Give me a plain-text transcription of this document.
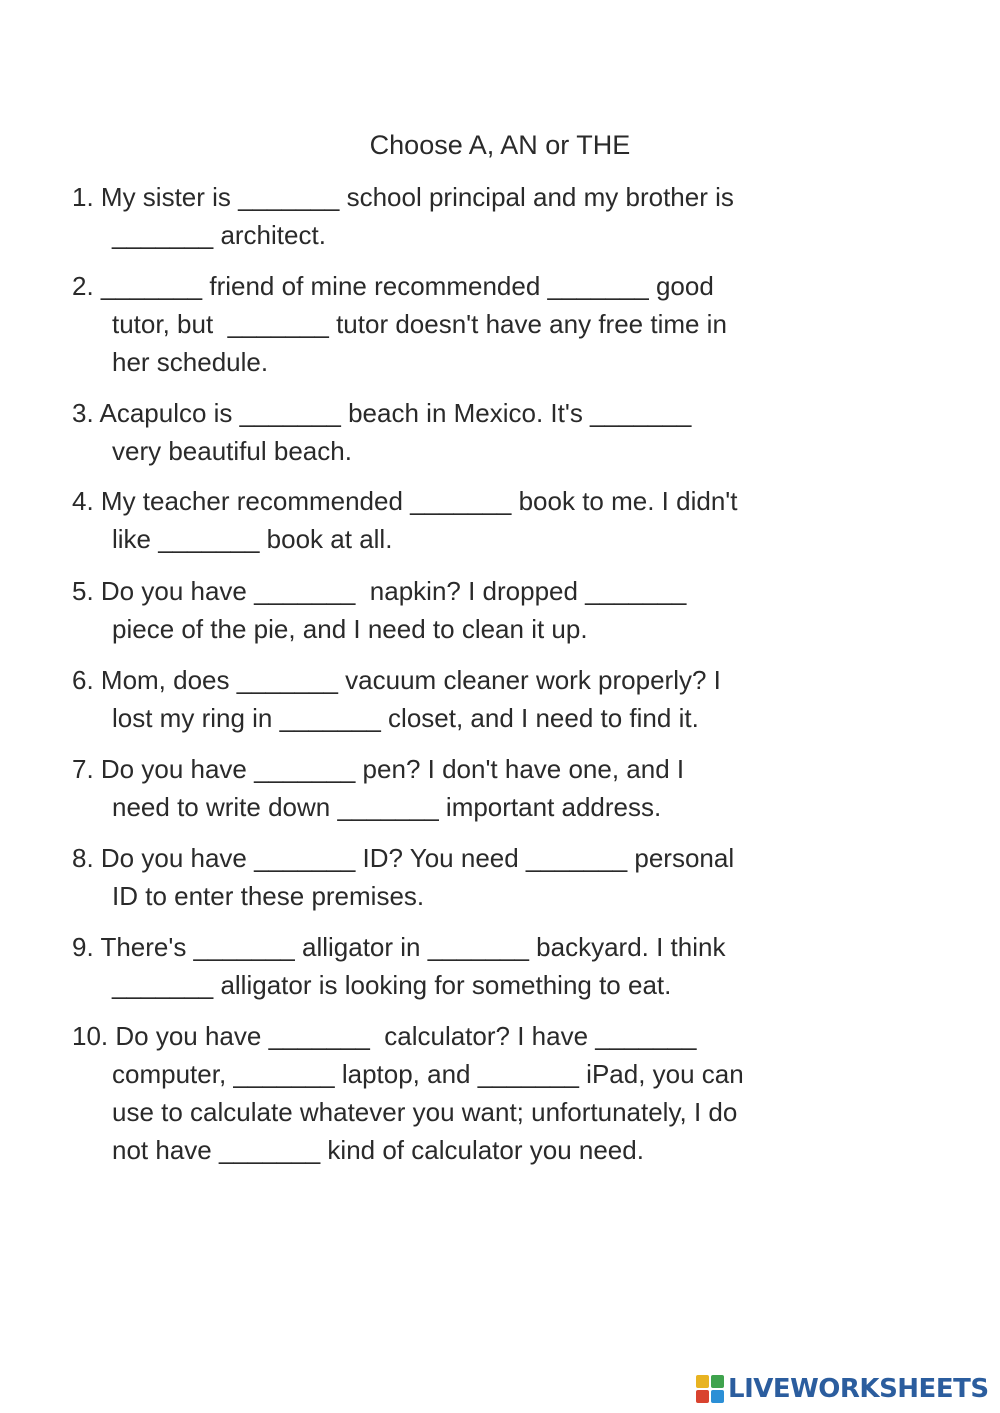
Choose A, AN or THE
1. My sister is _______ school principal and my brother is
_______ architect.
2. _______ friend of mine recommended _______ good
tutor, but  _______ tutor doesn't have any free time in
her schedule.
3. Acapulco is _______ beach in Mexico. It's _______
very beautiful beach.
4. My teacher recommended _______ book to me. I didn't
like _______ book at all.
5. Do you have _______  napkin? I dropped _______
piece of the pie, and I need to clean it up.
6. Mom, does _______ vacuum cleaner work properly? I
lost my ring in _______ closet, and I need to find it.
7. Do you have _______ pen? I don't have one, and I
need to write down _______ important address.
8. Do you have _______ ID? You need _______ personal
ID to enter these premises.
9. There's _______ alligator in _______ backyard. I think
_______ alligator is looking for something to eat.
10. Do you have _______  calculator? I have _______
computer, _______ laptop, and _______ iPad, you can
use to calculate whatever you want; unfortunately, I do
not have _______ kind of calculator you need.
LIVEWORKSHEETS
